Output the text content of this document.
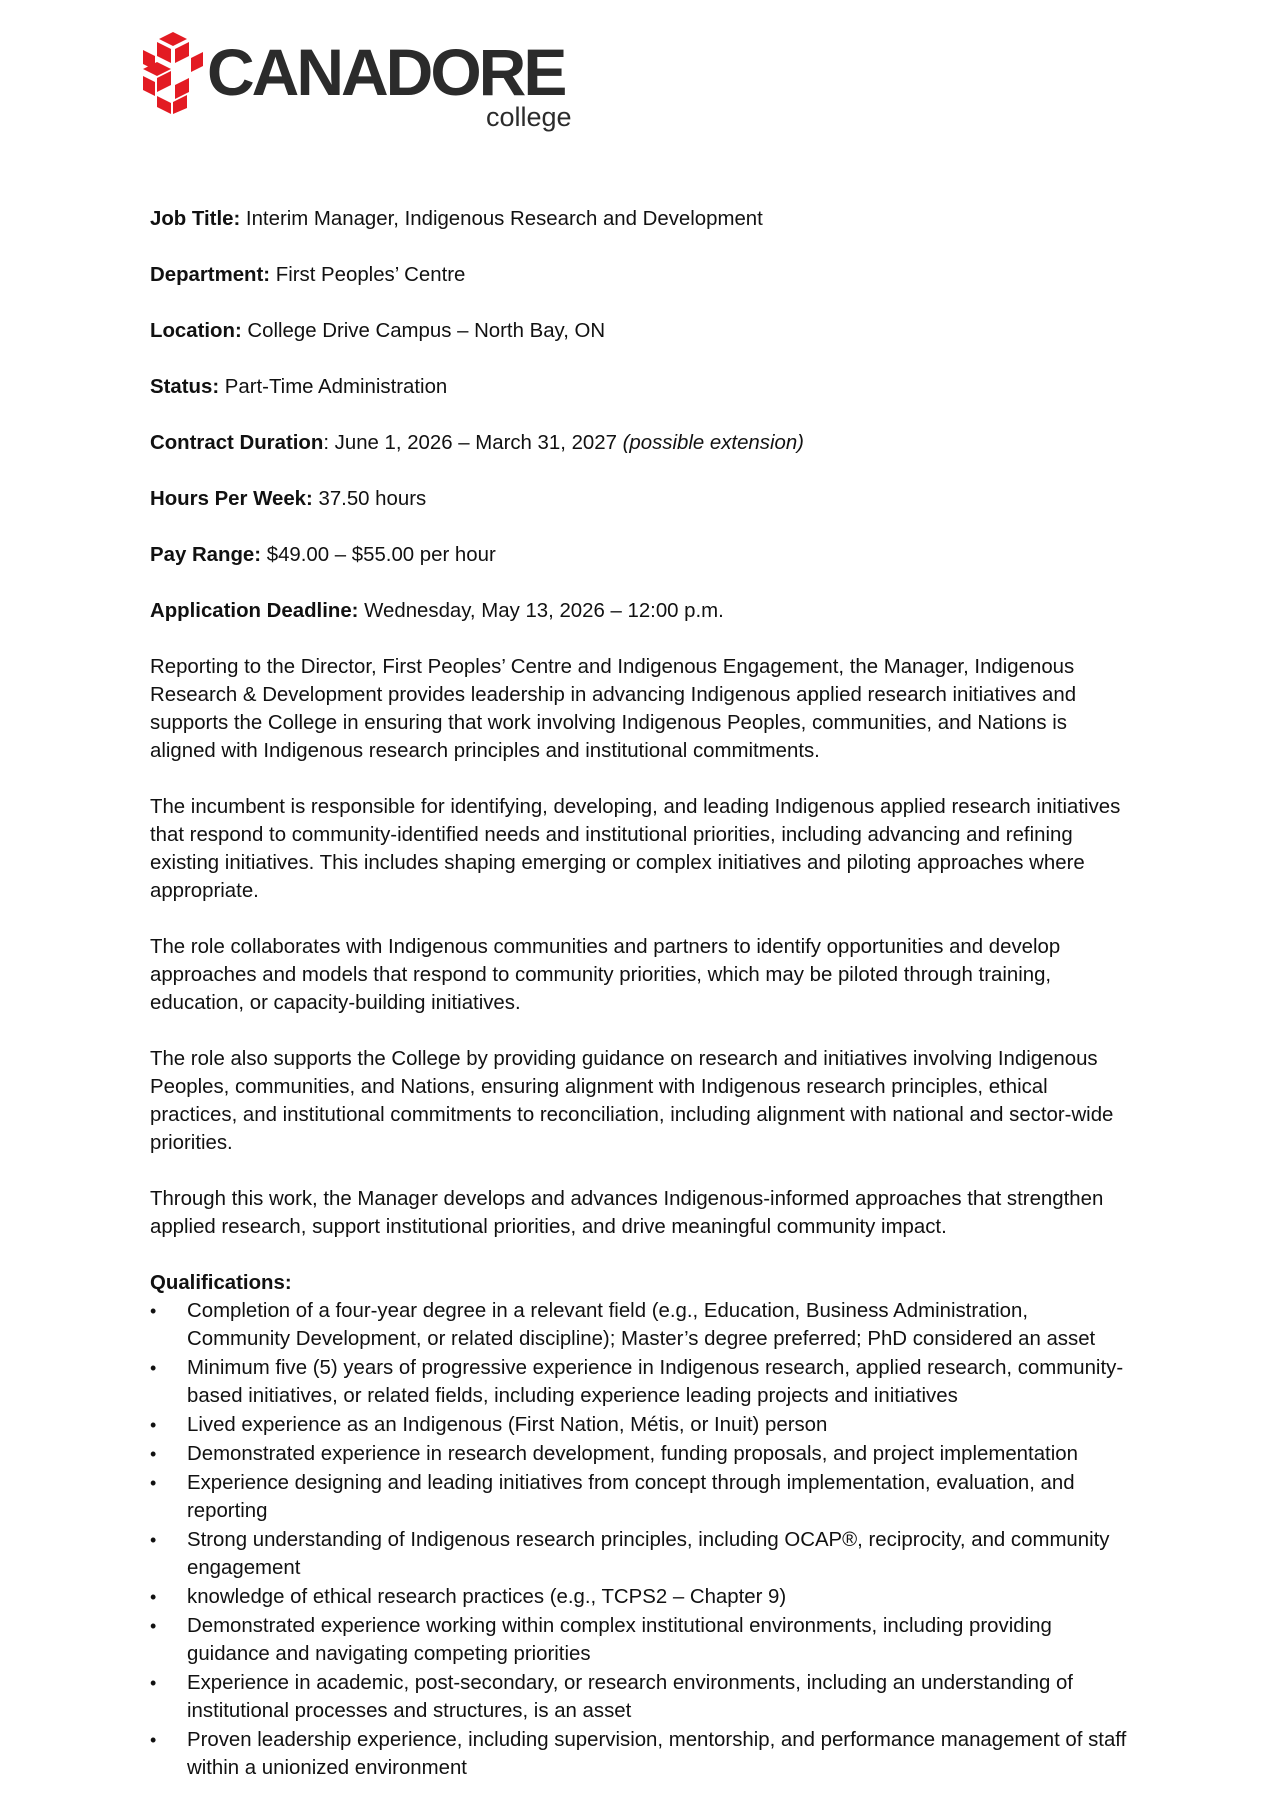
CANADORE
college

Job Title: Interim Manager, Indigenous Research and Development

Department: First Peoples’ Centre

Location: College Drive Campus – North Bay, ON

Status: Part-Time Administration

Contract Duration: June 1, 2026 – March 31, 2027 (possible extension)

Hours Per Week: 37.50 hours

Pay Range: $49.00 – $55.00 per hour

Application Deadline: Wednesday, May 13, 2026 – 12:00 p.m.

Reporting to the Director, First Peoples’ Centre and Indigenous Engagement, the Manager, Indigenous Research & Development provides leadership in advancing Indigenous applied research initiatives and supports the College in ensuring that work involving Indigenous Peoples, communities, and Nations is aligned with Indigenous research principles and institutional commitments.

The incumbent is responsible for identifying, developing, and leading Indigenous applied research initiatives that respond to community-identified needs and institutional priorities, including advancing and refining existing initiatives. This includes shaping emerging or complex initiatives and piloting approaches where appropriate.

The role collaborates with Indigenous communities and partners to identify opportunities and develop approaches and models that respond to community priorities, which may be piloted through training, education, or capacity-building initiatives.

The role also supports the College by providing guidance on research and initiatives involving Indigenous Peoples, communities, and Nations, ensuring alignment with Indigenous research principles, ethical practices, and institutional commitments to reconciliation, including alignment with national and sector-wide priorities.

Through this work, the Manager develops and advances Indigenous-informed approaches that strengthen applied research, support institutional priorities, and drive meaningful community impact.

Qualifications:

• Completion of a four-year degree in a relevant field (e.g., Education, Business Administration, Community Development, or related discipline); Master’s degree preferred; PhD considered an asset
• Minimum five (5) years of progressive experience in Indigenous research, applied research, community-based initiatives, or related fields, including experience leading projects and initiatives
• Lived experience as an Indigenous (First Nation, Métis, or Inuit) person
• Demonstrated experience in research development, funding proposals, and project implementation
• Experience designing and leading initiatives from concept through implementation, evaluation, and reporting
• Strong understanding of Indigenous research principles, including OCAP®, reciprocity, and community engagement
• knowledge of ethical research practices (e.g., TCPS2 – Chapter 9)
• Demonstrated experience working within complex institutional environments, including providing guidance and navigating competing priorities
• Experience in academic, post-secondary, or research environments, including an understanding of institutional processes and structures, is an asset
• Proven leadership experience, including supervision, mentorship, and performance management of staff within a unionized environment
